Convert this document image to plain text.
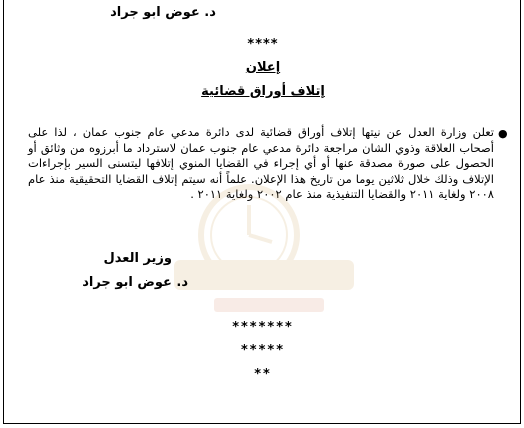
د. عوض ابو جراد
****
إعلان
إتلاف أوراق قضائية
●
تعلن وزارة العدل عن نيتها إتلاف أوراق قضائية لدى دائرة مدعي عام جنوب عمان ، لذا على أصحاب العلاقة وذوي الشان مراجعة دائرة مدعي عام جنوب عمان لاسترداد ما أبرزوه من وثائق أو الحصول على صورة مصدقة عنها أو أي إجراء في القضايا المنوي إتلافها ليتسنى السير بإجراءات الإتلاف وذلك خلال ثلاثين يوما من تاريخ هذا الإعلان. علماً أنه سيتم إتلاف القضايا التحقيقية منذ عام ٢٠٠٨ ولغاية ٢٠١١ والقضايا التنفيذية منذ عام ٢٠٠٢ ولغاية ٢٠١١ .
وزير العدل
د. عوض ابو جراد
*******
*****
**
